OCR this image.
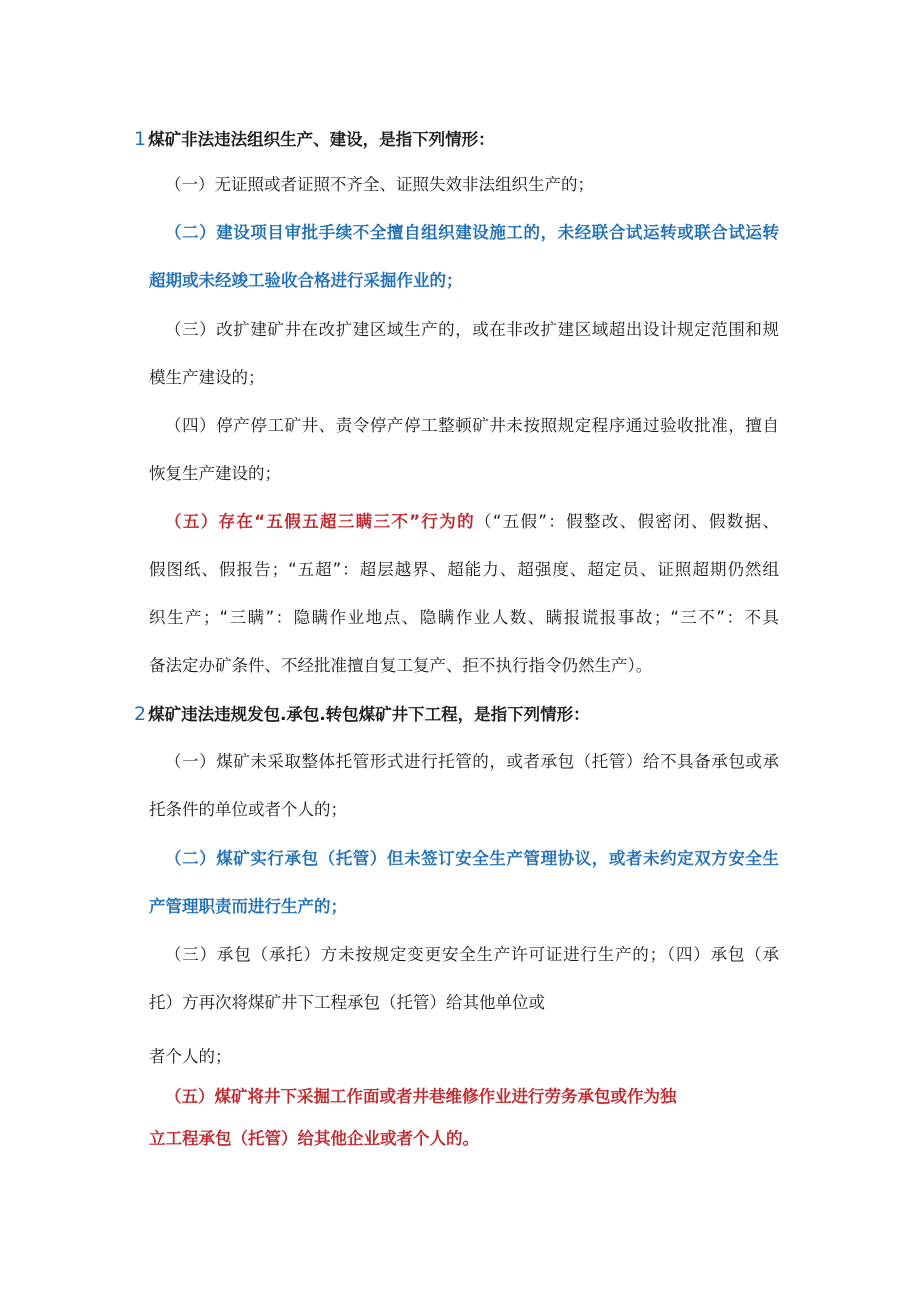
1 煤矿非法违法组织生产、建设，是指下列情形：
（一）无证照或者证照不齐全、证照失效非法组织生产的；
（二）建设项目审批手续不全擅自组织建设施工的，未经联合试运转或联合试运转
超期或未经竣工验收合格进行采掘作业的；
（三）改扩建矿井在改扩建区域生产的，或在非改扩建区域超出设计规定范围和规
模生产建设的；
（四）停产停工矿井、责令停产停工整顿矿井未按照规定程序通过验收批准，擅自
恢复生产建设的；
（五）存在“五假五超三瞒三不”行为的（“五假”：假整改、假密闭、假数据、
假图纸、假报告；“五超”：超层越界、超能力、超强度、超定员、证照超期仍然组
织生产；“三瞒”：隐瞒作业地点、隐瞒作业人数、瞒报谎报事故；“三不”：不具
备法定办矿条件、不经批准擅自复工复产、拒不执行指令仍然生产）。
2 煤矿违法违规发包.承包.转包煤矿井下工程，是指下列情形：
（一）煤矿未采取整体托管形式进行托管的，或者承包（托管）给不具备承包或承
托条件的单位或者个人的；
（二）煤矿实行承包（托管）但未签订安全生产管理协议，或者未约定双方安全生
产管理职责而进行生产的；
（三）承包（承托）方未按规定变更安全生产许可证进行生产的；（四）承包（承
托）方再次将煤矿井下工程承包（托管）给其他单位或
者个人的；
（五）煤矿将井下采掘工作面或者井巷维修作业进行劳务承包或作为独
立工程承包（托管）给其他企业或者个人的。
